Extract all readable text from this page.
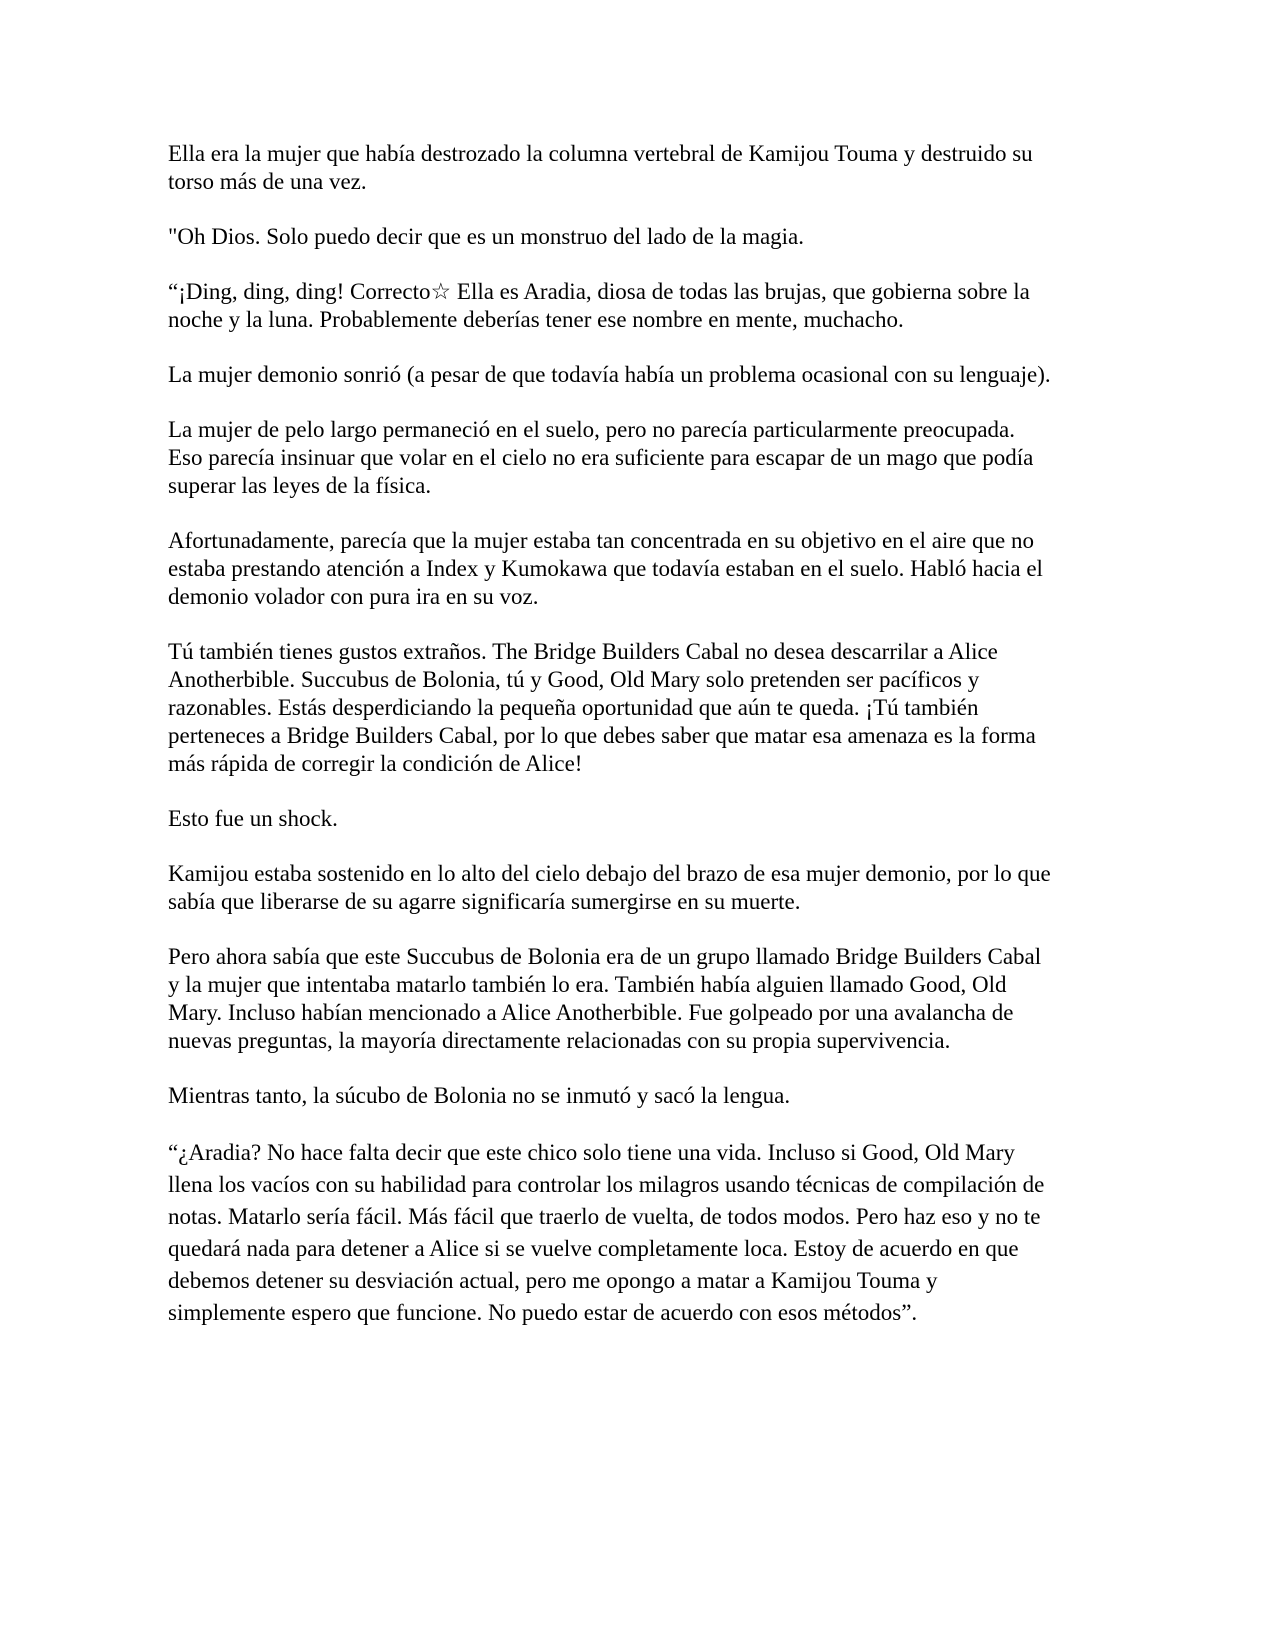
Ella era la mujer que había destrozado la columna vertebral de Kamijou Touma y destruido su torso más de una vez.

"Oh Dios. Solo puedo decir que es un monstruo del lado de la magia.

“¡Ding, ding, ding! Correcto☆ Ella es Aradia, diosa de todas las brujas, que gobierna sobre la noche y la luna. Probablemente deberías tener ese nombre en mente, muchacho.

La mujer demonio sonrió (a pesar de que todavía había un problema ocasional con su lenguaje).

La mujer de pelo largo permaneció en el suelo, pero no parecía particularmente preocupada. Eso parecía insinuar que volar en el cielo no era suficiente para escapar de un mago que podía superar las leyes de la física.

Afortunadamente, parecía que la mujer estaba tan concentrada en su objetivo en el aire que no estaba prestando atención a Index y Kumokawa que todavía estaban en el suelo. Habló hacia el demonio volador con pura ira en su voz.

Tú también tienes gustos extraños. The Bridge Builders Cabal no desea descarrilar a Alice Anotherbible. Succubus de Bolonia, tú y Good, Old Mary solo pretenden ser pacíficos y razonables. Estás desperdiciando la pequeña oportunidad que aún te queda. ¡Tú también perteneces a Bridge Builders Cabal, por lo que debes saber que matar esa amenaza es la forma más rápida de corregir la condición de Alice!

Esto fue un shock.

Kamijou estaba sostenido en lo alto del cielo debajo del brazo de esa mujer demonio, por lo que sabía que liberarse de su agarre significaría sumergirse en su muerte.

Pero ahora sabía que este Succubus de Bolonia era de un grupo llamado Bridge Builders Cabal y la mujer que intentaba matarlo también lo era. También había alguien llamado Good, Old Mary. Incluso habían mencionado a Alice Anotherbible. Fue golpeado por una avalancha de nuevas preguntas, la mayoría directamente relacionadas con su propia supervivencia.

Mientras tanto, la súcubo de Bolonia no se inmutó y sacó la lengua.

“¿Aradia? No hace falta decir que este chico solo tiene una vida. Incluso si Good, Old Mary llena los vacíos con su habilidad para controlar los milagros usando técnicas de compilación de notas. Matarlo sería fácil. Más fácil que traerlo de vuelta, de todos modos. Pero haz eso y no te quedará nada para detener a Alice si se vuelve completamente loca. Estoy de acuerdo en que debemos detener su desviación actual, pero me opongo a matar a Kamijou Touma y simplemente espero que funcione. No puedo estar de acuerdo con esos métodos”.
